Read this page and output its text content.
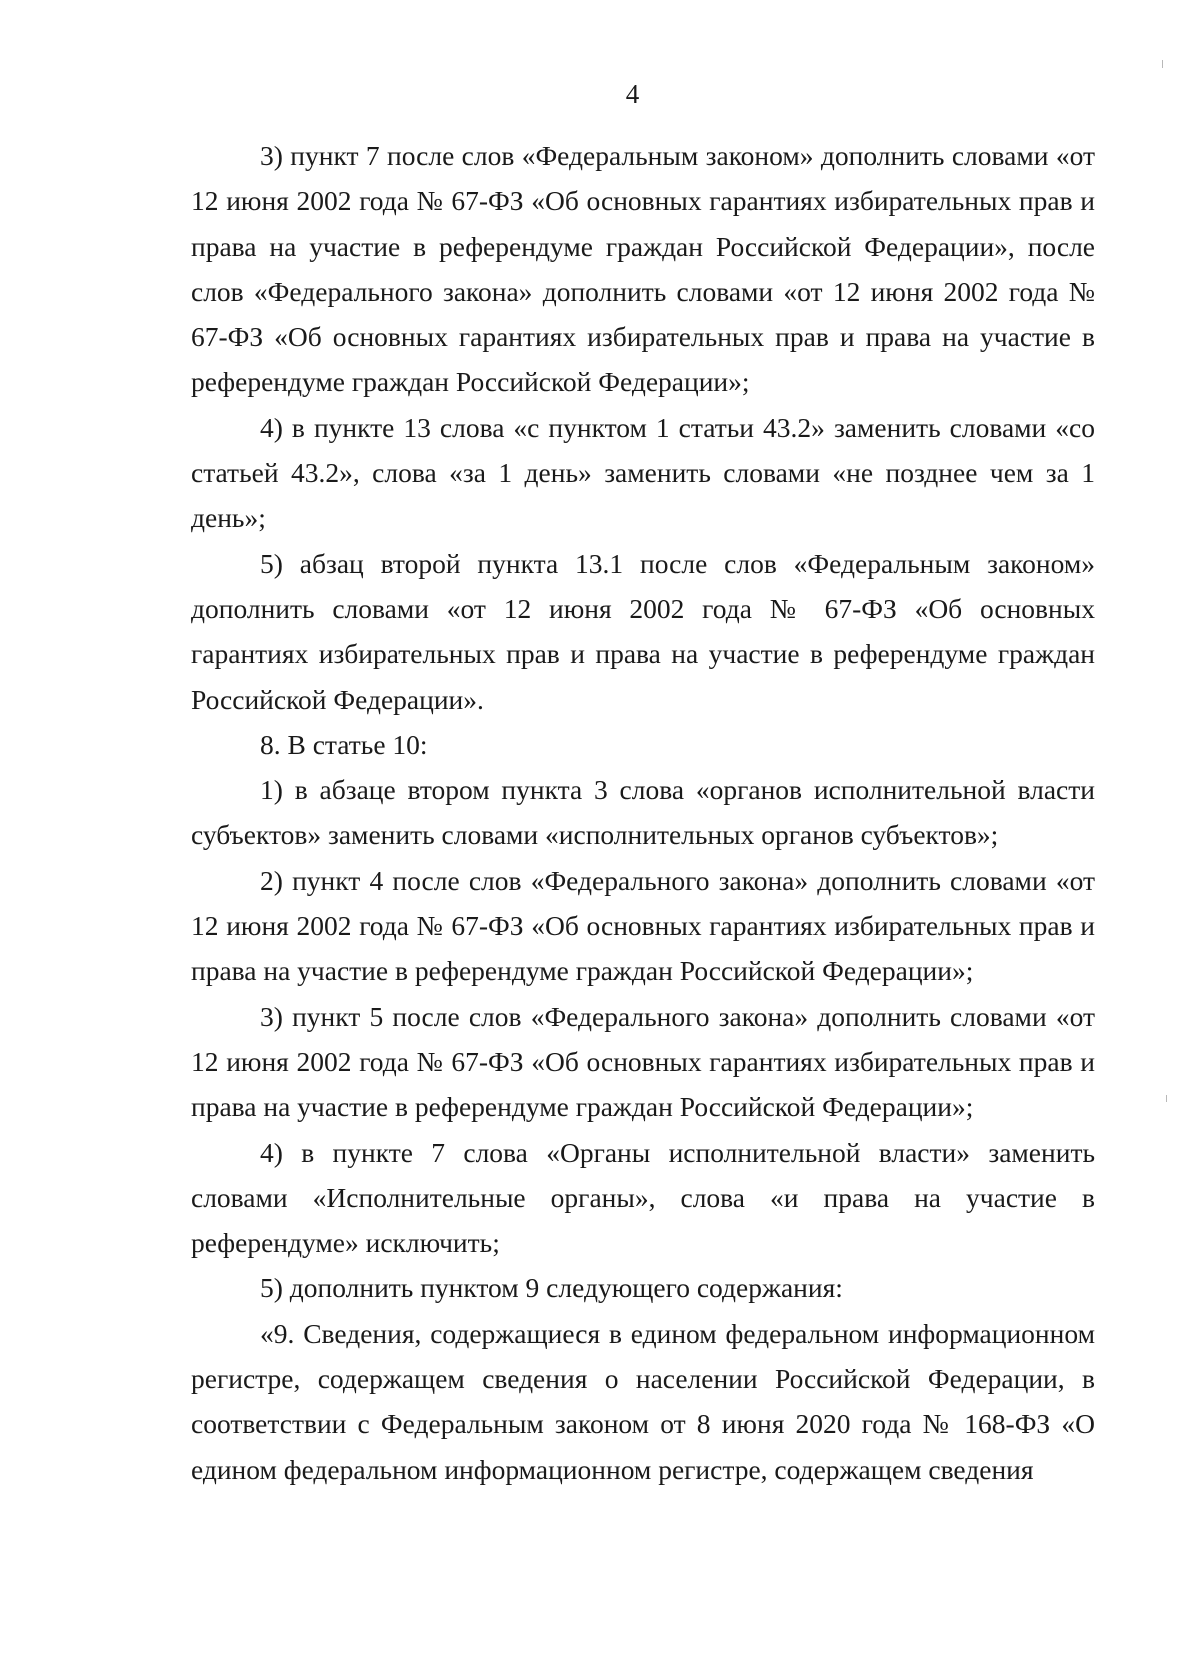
4

3) пункт 7 после слов «Федеральным законом» дополнить словами «от 12 июня 2002 года № 67-ФЗ «Об основных гарантиях избирательных прав и права на участие в референдуме граждан Российской Федерации», после слов «Федерального закона» дополнить словами «от 12 июня 2002 года № 67-ФЗ «Об основных гарантиях избирательных прав и права на участие в референдуме граждан Российской Федерации»;

4) в пункте 13 слова «с пунктом 1 статьи 43.2» заменить словами «со статьей 43.2», слова «за 1 день» заменить словами «не позднее чем за 1 день»;

5) абзац второй пункта 13.1 после слов «Федеральным законом» дополнить словами «от 12 июня 2002 года № 67-ФЗ «Об основных гарантиях избирательных прав и права на участие в референдуме граждан Российской Федерации».

8. В статье 10:

1) в абзаце втором пункта 3 слова «органов исполнительной власти субъектов» заменить словами «исполнительных органов субъектов»;

2) пункт 4 после слов «Федерального закона» дополнить словами «от 12 июня 2002 года № 67-ФЗ «Об основных гарантиях избирательных прав и права на участие в референдуме граждан Российской Федерации»;

3) пункт 5 после слов «Федерального закона» дополнить словами «от 12 июня 2002 года № 67-ФЗ «Об основных гарантиях избирательных прав и права на участие в референдуме граждан Российской Федерации»;

4) в пункте 7 слова «Органы исполнительной власти» заменить словами «Исполнительные органы», слова «и права на участие в референдуме» исключить;

5) дополнить пунктом 9 следующего содержания:

«9. Сведения, содержащиеся в едином федеральном информационном регистре, содержащем сведения о населении Российской Федерации, в соответствии с Федеральным законом от 8 июня 2020 года № 168-ФЗ «О едином федеральном информационном регистре, содержащем сведения
